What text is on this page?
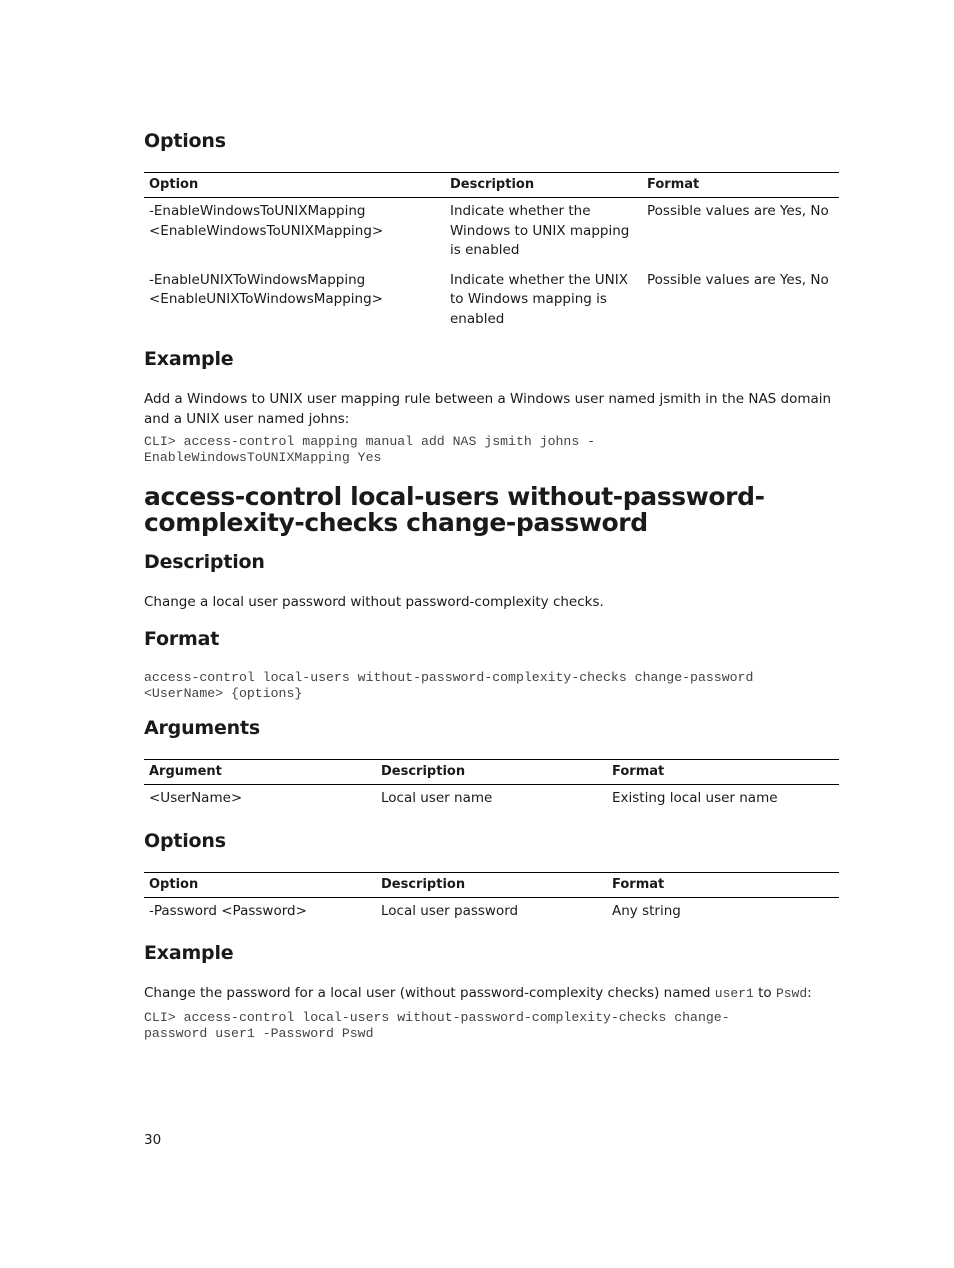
Options
Option	Description	Format
-EnableWindowsToUNIXMapping
<EnableWindowsToUNIXMapping>	Indicate whether the Windows to UNIX mapping is enabled	Possible values are Yes, No
-EnableUNIXToWindowsMapping
<EnableUNIXToWindowsMapping>	Indicate whether the UNIX to Windows mapping is enabled	Possible values are Yes, No
Example

Add a Windows to UNIX user mapping rule between a Windows user named jsmith in the NAS domain and a UNIX user named johns:

CLI> access-control mapping manual add NAS jsmith johns -
EnableWindowsToUNIXMapping Yes
access-control local-users without-password-
complexity-checks change-password
Description

Change a local user password without password-complexity checks.

Format
access-control local-users without-password-complexity-checks change-password
<UserName> {options}
Arguments
Argument	Description	Format
<UserName>	Local user name	Existing local user name
Options
Option	Description	Format
-Password <Password>	Local user password	Any string
Example

Change the password for a local user (without password-complexity checks) named user1 to Pswd:

CLI> access-control local-users without-password-complexity-checks change-
password user1 -Password Pswd
30
